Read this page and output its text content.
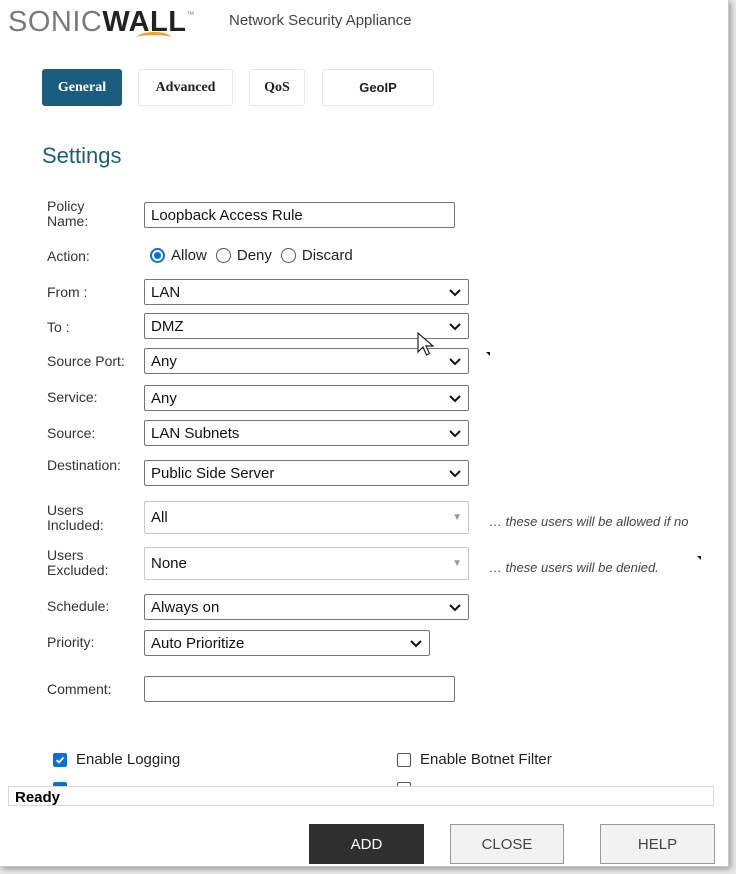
SONICWALL™ Network Security Appliance
General	Advanced	QoS	GeoIP
Settings
Policy
Name:	Loopback Access Rule
Action:	Allow Deny Discard
From :	LAN
To :	DMZ
Source Port: Any
Service:	Any
Source:	LAN Subnets
Destination: Public Side Server
Users
Included:	All	▼ … these users will be allowed if no
Users
Excluded:	None	▼ … these users will be denied.
Schedule:	Always on
Priority:	Auto Prioritize
Comment:
Enable Logging	Enable Botnet Filter
Ready
ADD	CLOSE	HELP
